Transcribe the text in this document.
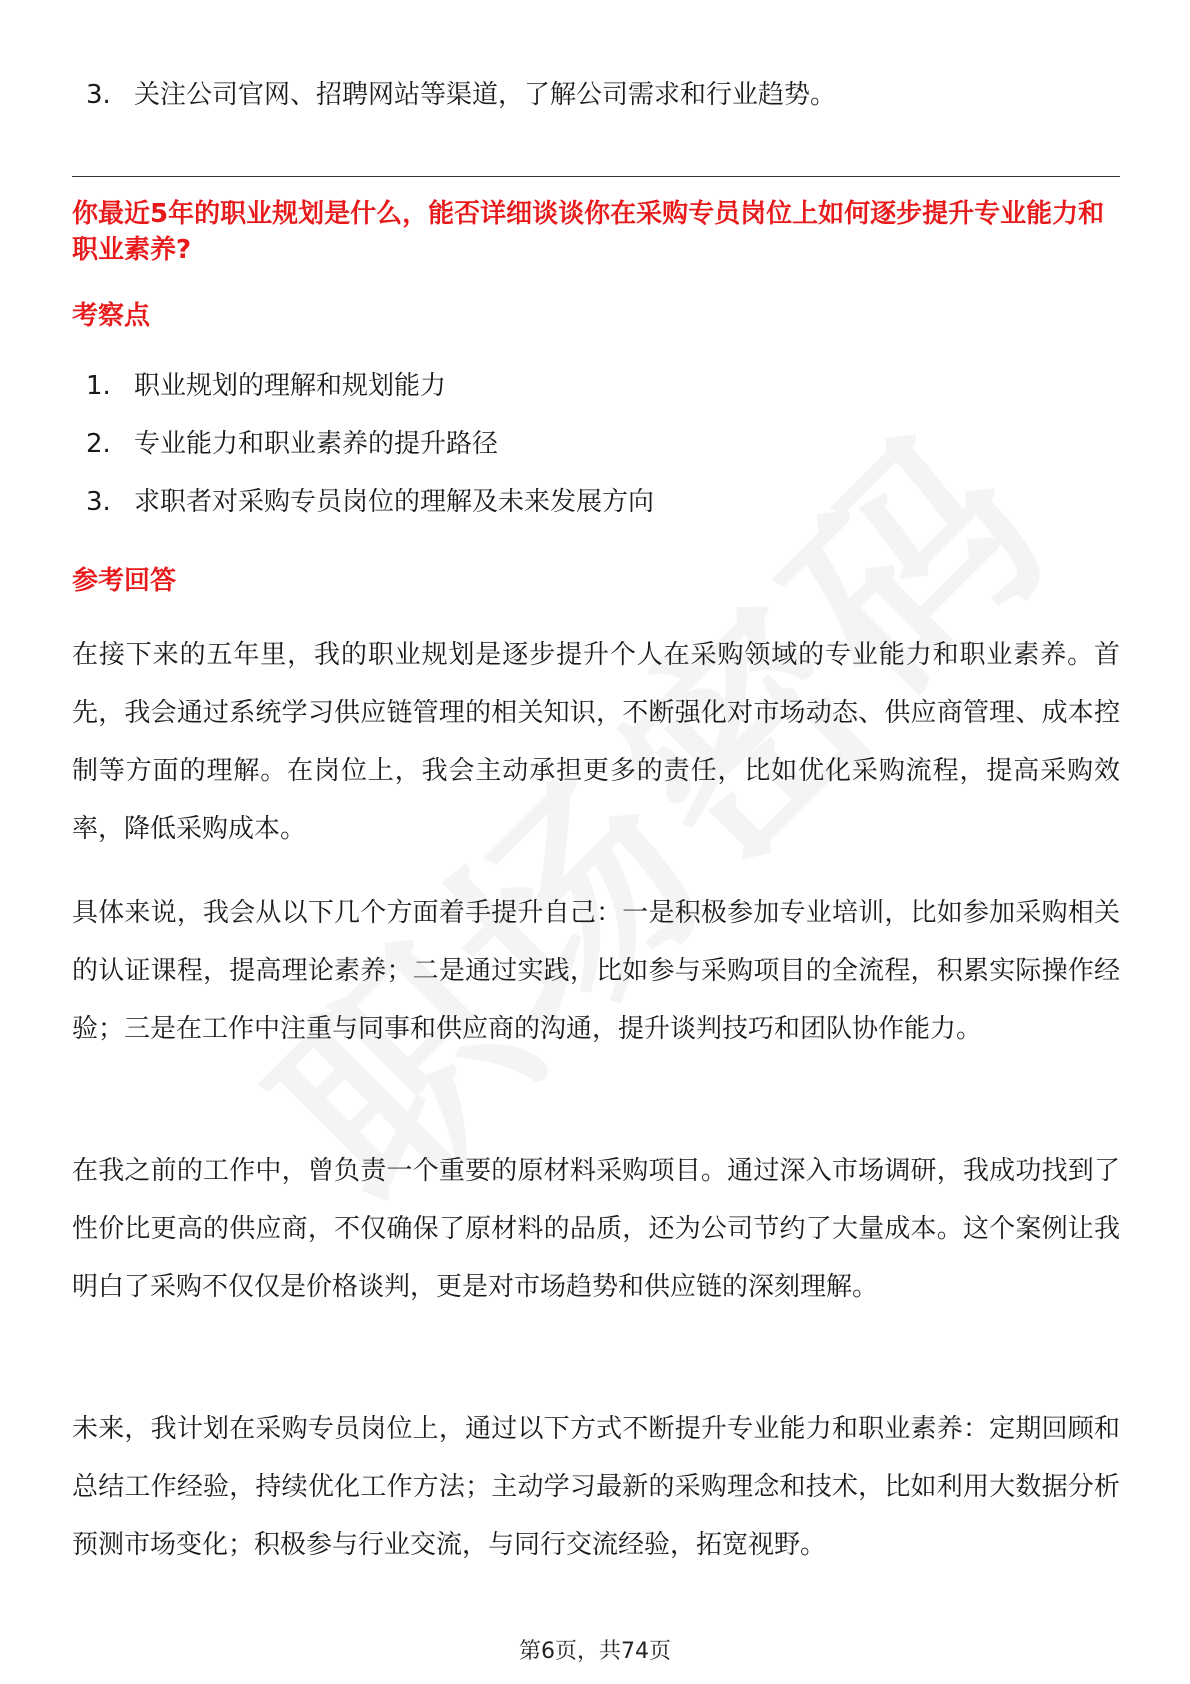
3. 关注公司官网、招聘网站等渠道，了解公司需求和行业趋势。
你最近5年的职业规划是什么，能否详细谈谈你在采购专员岗位上如何逐步提升专业能力和职业素养?
考察点
1. 职业规划的理解和规划能力
2. 专业能力和职业素养的提升路径
3. 求职者对采购专员岗位的理解及未来发展方向
参考回答

在接下来的五年里，我的职业规划是逐步提升个人在采购领域的专业能力和职业素养。首先，我会通过系统学习供应链管理的相关知识，不断强化对市场动态、供应商管理、成本控制等方面的理解。在岗位上，我会主动承担更多的责任，比如优化采购流程，提高采购效率，降低采购成本。

具体来说，我会从以下几个方面着手提升自己：一是积极参加专业培训，比如参加采购相关的认证课程，提高理论素养；二是通过实践，比如参与采购项目的全流程，积累实际操作经验；三是在工作中注重与同事和供应商的沟通，提升谈判技巧和团队协作能力。

在我之前的工作中，曾负责一个重要的原材料采购项目。通过深入市场调研，我成功找到了性价比更高的供应商，不仅确保了原材料的品质，还为公司节约了大量成本。这个案例让我明白了采购不仅仅是价格谈判，更是对市场趋势和供应链的深刻理解。

未来，我计划在采购专员岗位上，通过以下方式不断提升专业能力和职业素养：定期回顾和总结工作经验，持续优化工作方法；主动学习最新的采购理念和技术，比如利用大数据分析预测市场变化；积极参与行业交流，与同行交流经验，拓宽视野。

第6页，共74页
